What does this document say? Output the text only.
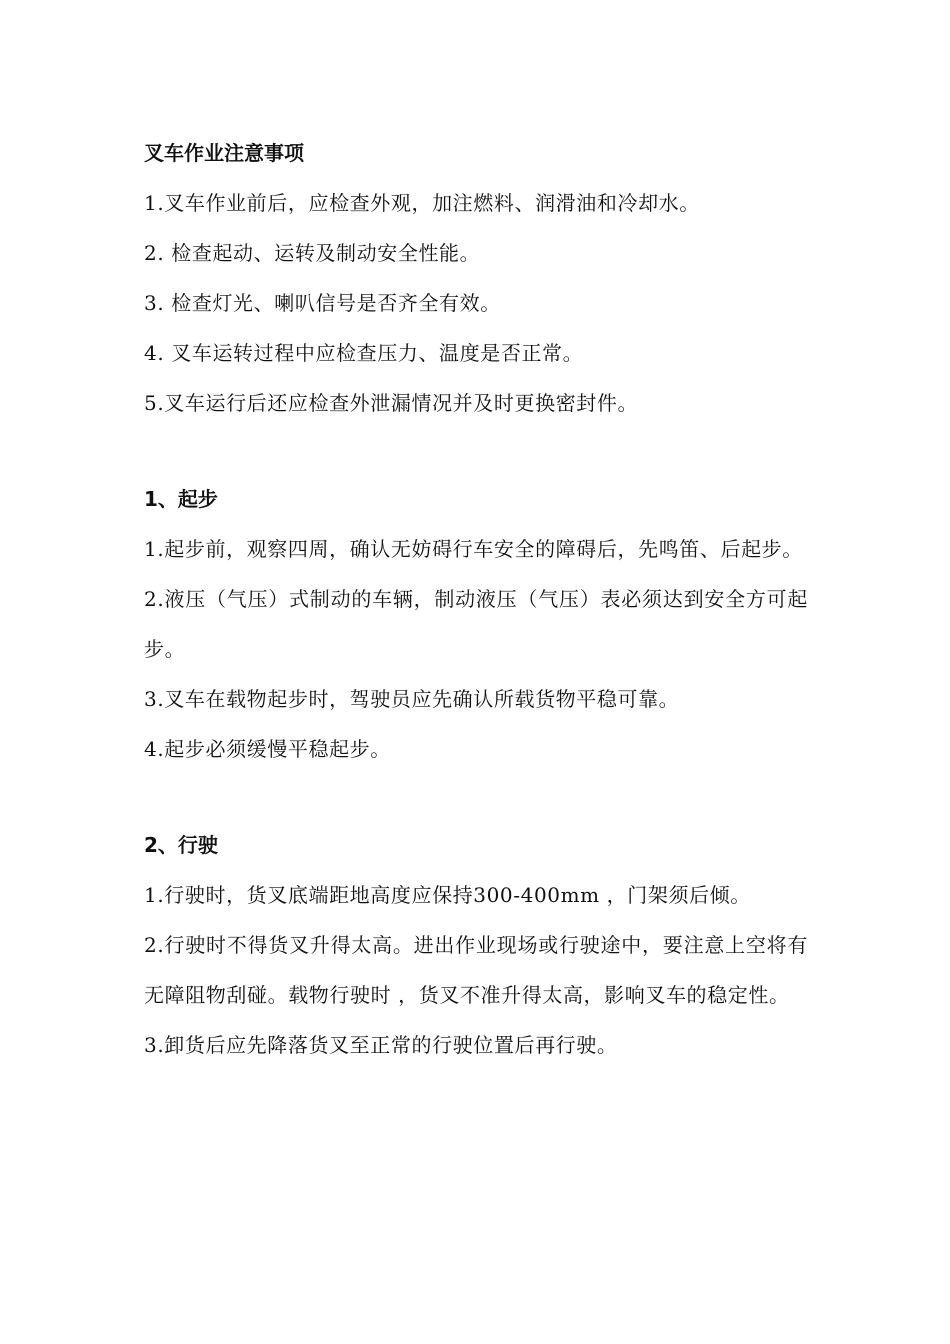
叉车作业注意事项

1.叉车作业前后，应检查外观，加注燃料、润滑油和冷却水。

2. 检查起动、运转及制动安全性能。

3. 检查灯光、喇叭信号是否齐全有效。

4. 叉车运转过程中应检查压力、温度是否正常。

5.叉车运行后还应检查外泄漏情况并及时更换密封件。

1、起步

1.起步前，观察四周，确认无妨碍行车安全的障碍后，先鸣笛、后起步。

2.液压（气压）式制动的车辆，制动液压（气压）表必须达到安全方可起步。

3.叉车在载物起步时，驾驶员应先确认所载货物平稳可靠。

4.起步必须缓慢平稳起步。

2、行驶

1.行驶时，货叉底端距地高度应保持300-400mm ，门架须后倾。

2.行驶时不得货叉升得太高。进出作业现场或行驶途中，要注意上空将有无障阻物刮碰。载物行驶时 ，货叉不准升得太高，影响叉车的稳定性。

3.卸货后应先降落货叉至正常的行驶位置后再行驶。
